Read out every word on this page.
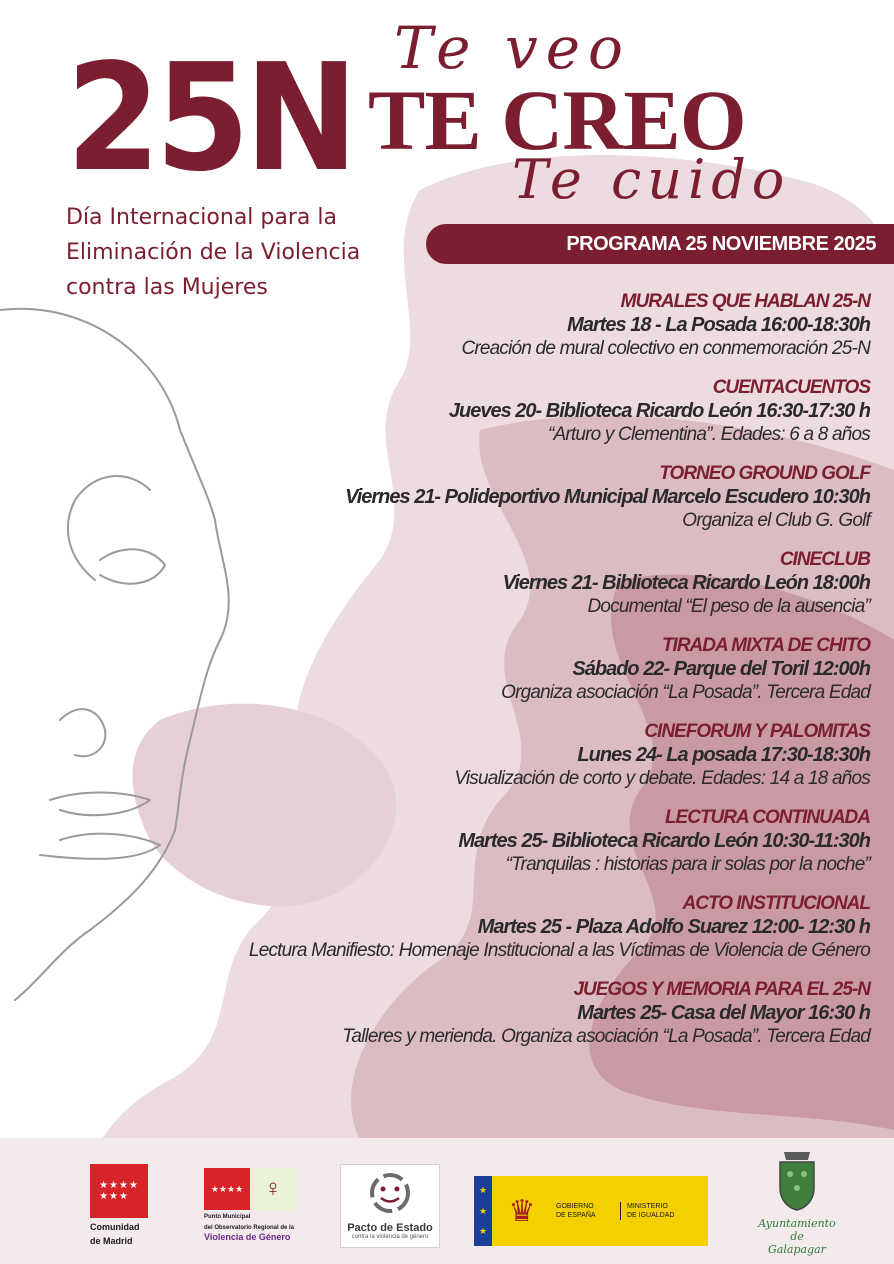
25N
Día Internacional para la
Eliminación de la Violencia
contra las Mujeres
Te veo
TE CREO
Te cuido
PROGRAMA 25 NOVIEMBRE 2025
MURALES QUE HABLAN 25-N
Martes 18 - La Posada 16:00-18:30h
Creación de mural colectivo en conmemoración 25-N
CUENTACUENTOS
Jueves 20- Biblioteca Ricardo León 16:30-17:30 h
“Arturo y Clementina”. Edades: 6 a 8 años
TORNEO GROUND GOLF
Viernes 21- Polideportivo Municipal Marcelo Escudero 10:30h
Organiza el Club G. Golf
CINECLUB
Viernes 21- Biblioteca Ricardo León 18:00h
Documental “El peso de la ausencia”
TIRADA MIXTA DE CHITO
Sábado 22- Parque del Toril 12:00h
Organiza asociación “La Posada”. Tercera Edad
CINEFORUM Y PALOMITAS
Lunes 24- La posada 17:30-18:30h
Visualización de corto y debate. Edades: 14 a 18 años
LECTURA CONTINUADA
Martes 25- Biblioteca Ricardo León 10:30-11:30h
“Tranquilas : historias para ir solas por la noche”
ACTO INSTITUCIONAL
Martes 25 - Plaza Adolfo Suarez 12:00- 12:30 h
Lectura Manifiesto: Homenaje Institucional a las Víctimas de Violencia de Género
JUEGOS Y MEMORIA PARA EL 25-N
Martes 25- Casa del Mayor 16:30 h
Talleres y merienda. Organiza asociación “La Posada”. Tercera Edad
★★★★
★★★
Comunidad
de Madrid
★★★★ ♀
Punto Municipal
del Observatorio Regional de la
Violencia de Género
Pacto de Estado
contra la violencia de género
★
★
★
♛	GOBIERNO
DE ESPAÑA
MINISTERIO
DE IGUALDAD
Ayuntamiento de
Galapagar
